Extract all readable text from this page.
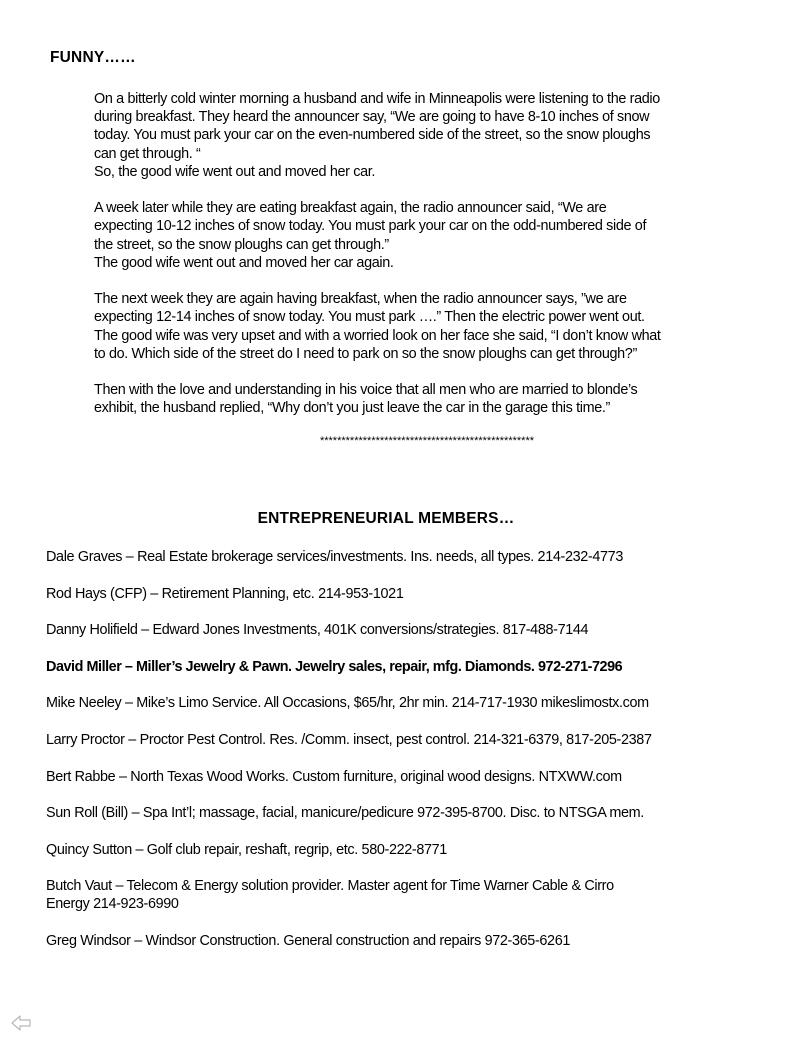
FUNNY……

On a bitterly cold winter morning a husband and wife in Minneapolis were listening to the radio
during breakfast. They heard the announcer say, “We are going to have 8-10 inches of snow
today. You must park your car on the even-numbered side of the street, so the snow ploughs
can get through. “
So, the good wife went out and moved her car.

A week later while they are eating breakfast again, the radio announcer said, “We are
expecting 10-12 inches of snow today. You must park your car on the odd-numbered side of
the street, so the snow ploughs can get through.”
The good wife went out and moved her car again.

The next week they are again having breakfast, when the radio announcer says, ”we are
expecting 12-14 inches of snow today. You must park ….” Then the electric power went out.
The good wife was very upset and with a worried look on her face she said, “I don’t know what
to do. Which side of the street do I need to park on so the snow ploughs can get through?”

Then with the love and understanding in his voice that all men who are married to blonde’s
exhibit, the husband replied, “Why don’t you just leave the car in the garage this time.”

**************************************************
ENTREPRENEURIAL MEMBERS…
Dale Graves – Real Estate brokerage services/investments. Ins. needs, all types. 214-232-4773
Rod Hays (CFP) – Retirement Planning, etc. 214-953-1021
Danny Holifield – Edward Jones Investments, 401K conversions/strategies. 817-488-7144
David Miller – Miller’s Jewelry & Pawn. Jewelry sales, repair, mfg. Diamonds. 972-271-7296
Mike Neeley – Mike’s Limo Service. All Occasions, $65/hr, 2hr min. 214-717-1930 mikeslimostx.com
Larry Proctor – Proctor Pest Control. Res. /Comm. insect, pest control. 214-321-6379, 817-205-2387
Bert Rabbe – North Texas Wood Works. Custom furniture, original wood designs. NTXWW.com
Sun Roll (Bill) – Spa Int’l; massage, facial, manicure/pedicure 972-395-8700. Disc. to NTSGA mem.
Quincy Sutton – Golf club repair, reshaft, regrip, etc. 580-222-8771
Butch Vaut – Telecom & Energy solution provider. Master agent for Time Warner Cable & Cirro
Energy 214-923-6990
Greg Windsor – Windsor Construction. General construction and repairs 972-365-6261
